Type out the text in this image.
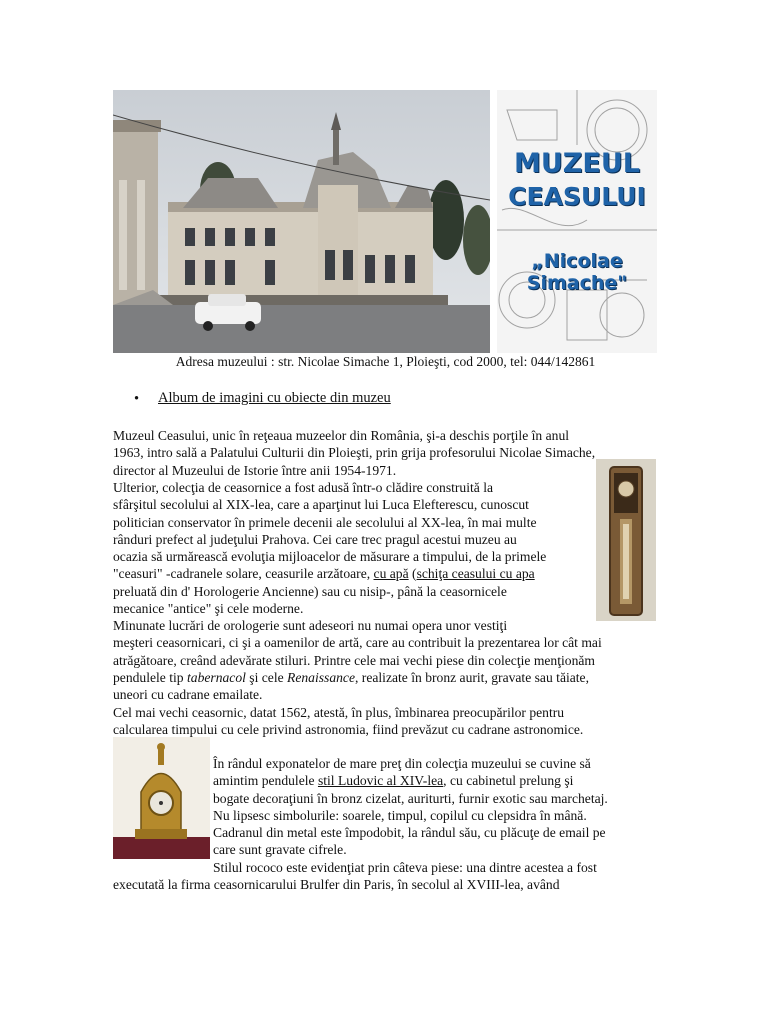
MUZEUL
CEASULUI
„Nicolae Simache"
Adresa muzeului : str. Nicolae Simache 1, Ploieşti, cod 2000, tel: 044/142861
• Album de imagini cu obiecte din muzeu
Muzeul Ceasului, unic în reţeaua muzeelor din România, şi-a deschis porţile în anul
1963, intro sală a Palatului Culturii din Ploieşti, prin grija profesorului Nicolae Simache,
director al Muzeului de Istorie între anii 1954-1971.
Ulterior, colecţia de ceasornice a fost adusă într-o clădire construită la
sfârşitul secolului al XIX-lea, care a aparţinut lui Luca Elefterescu, cunoscut
politician conservator în primele decenii ale secolului al XX-lea, în mai multe
rânduri prefect al judeţului Prahova. Cei care trec pragul acestui muzeu au
ocazia să urmărească evoluţia mijloacelor de măsurare a timpului, de la primele
"ceasuri" -cadranele solare, ceasurile arzătoare, cu apă (schiţa ceasului cu apa
preluată din d' Horologerie Ancienne) sau cu nisip-, până la ceasornicele
mecanice "antice" şi cele moderne.
Minunate lucrări de orologerie sunt adeseori nu numai opera unor vestiţi
meşteri ceasornicari, ci şi a oamenilor de artă, care au contribuit la prezentarea lor cât mai
atrăgătoare, creând adevărate stiluri. Printre cele mai vechi piese din colecţie menţionăm
pendulele tip tabernacol şi cele Renaissance, realizate în bronz aurit, gravate sau tăiate,
uneori cu cadrane emailate.
Cel mai vechi ceasornic, datat 1562, atestă, în plus, îmbinarea preocupărilor pentru
calcularea timpului cu cele privind astronomia, fiind prevăzut cu cadrane astronomice.
În rândul exponatelor de mare preţ din colecţia muzeului se cuvine să
amintim pendulele stil Ludovic al XIV-lea, cu cabinetul prelung şi
bogate decoraţiuni în bronz cizelat, auriturti, furnir exotic sau marchetaj.
Nu lipsesc simbolurile: soarele, timpul, copilul cu clepsidra în mână.
Cadranul din metal este împodobit, la rândul său, cu plăcuţe de email pe
care sunt gravate cifrele.
Stilul rococo este evidenţiat prin câteva piese: una dintre acestea a fost
executată la firma ceasornicarului Brulfer din Paris, în secolul al XVIII-lea, având
